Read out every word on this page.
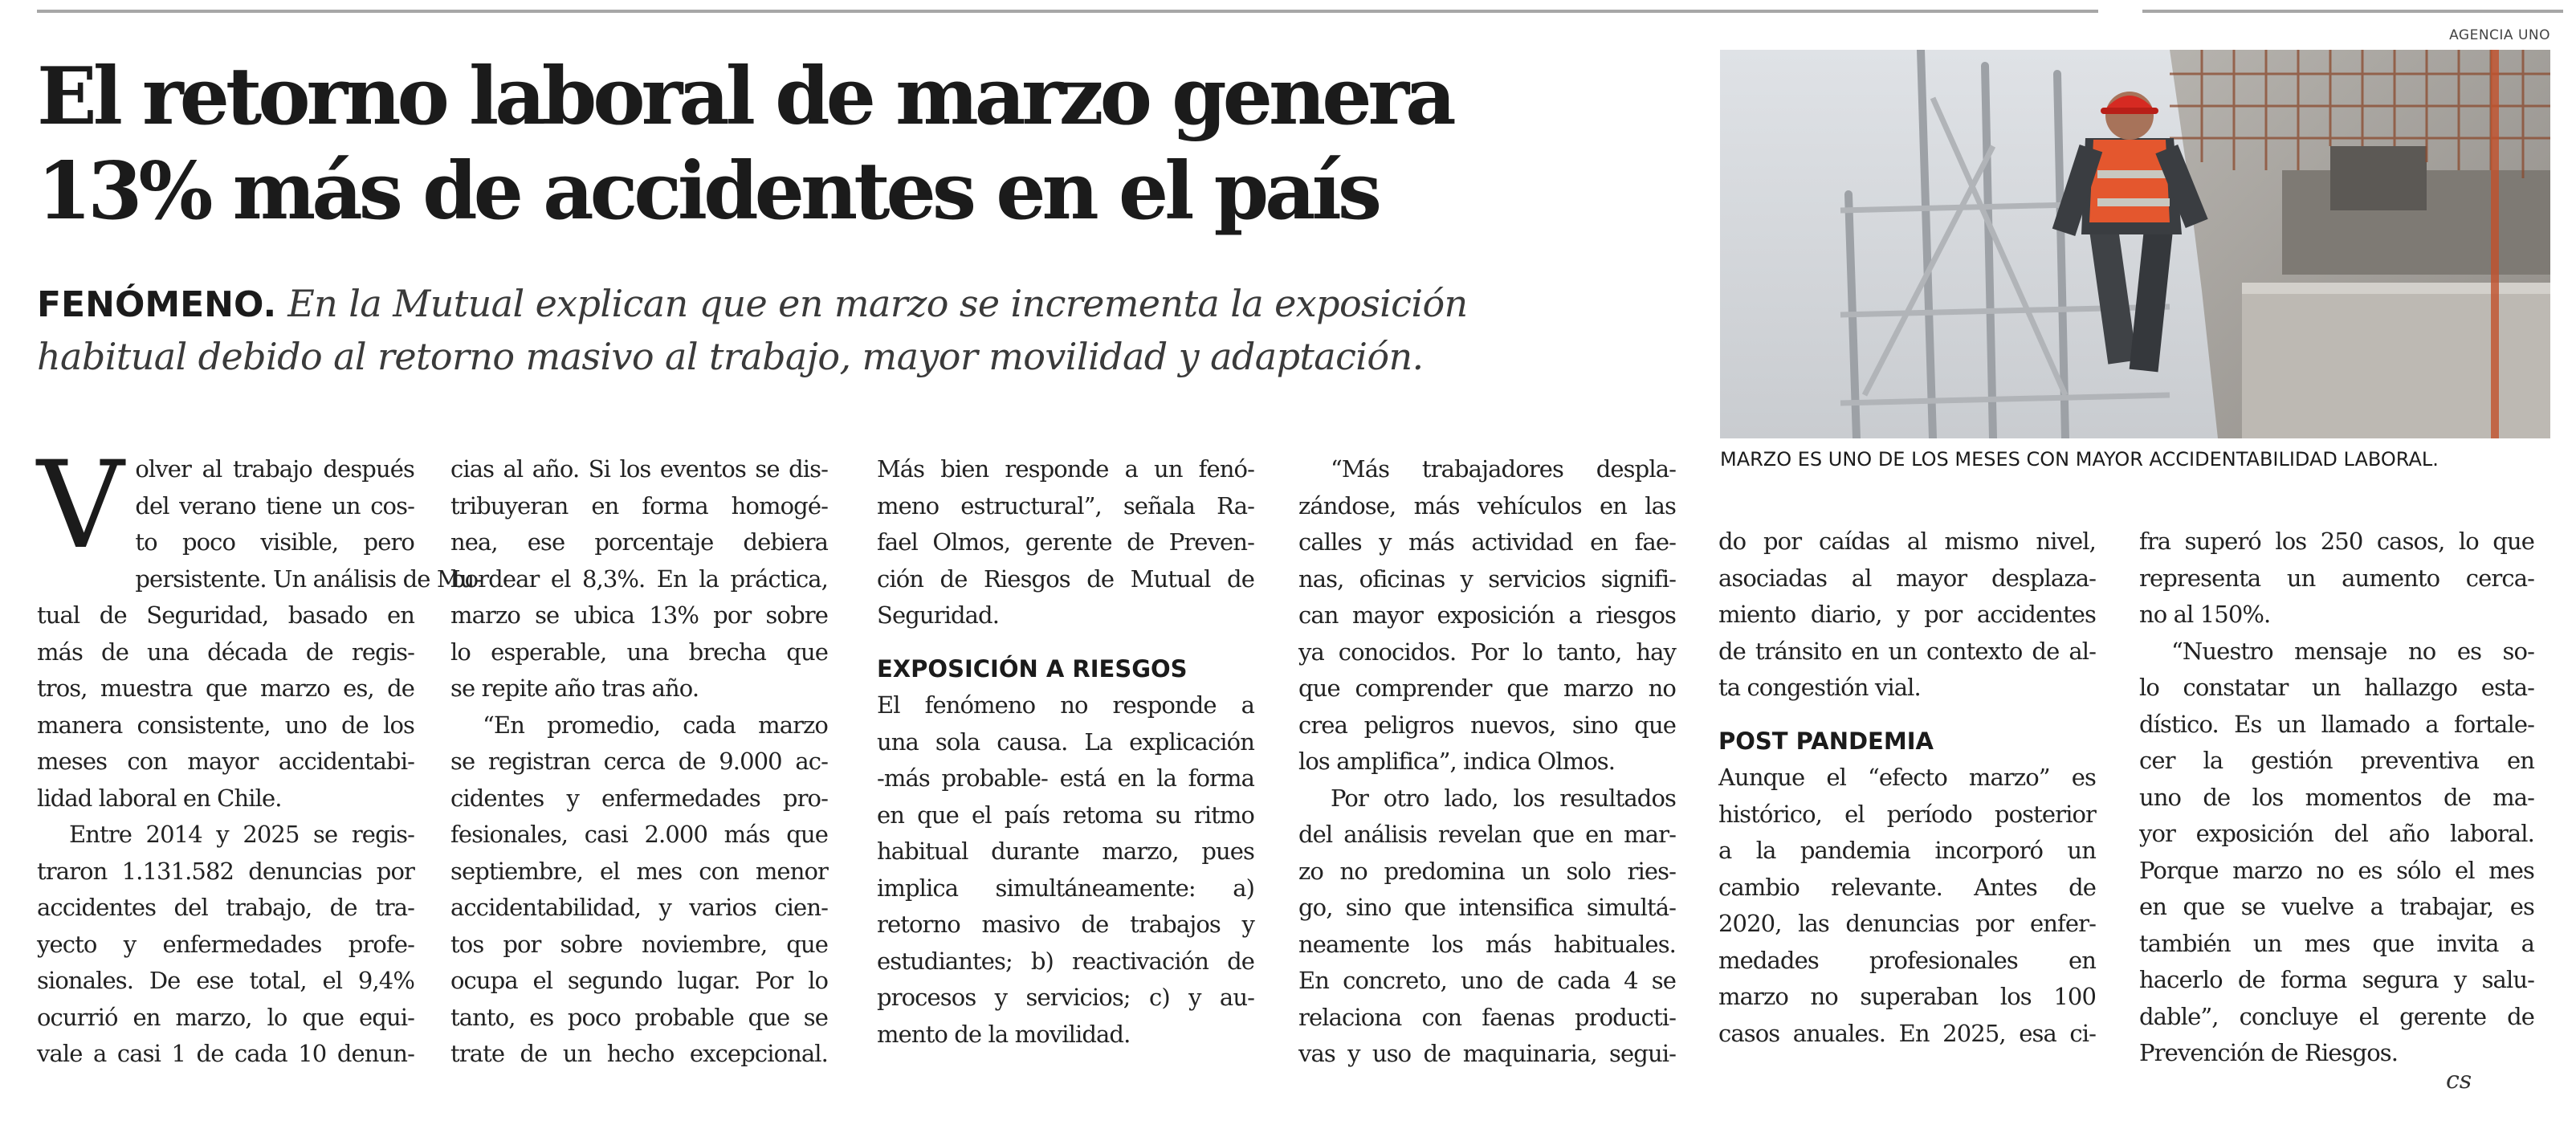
El retorno laboral de marzo genera
13% más de accidentes en el país
FENÓMENO. En la Mutual explican que en marzo se incrementa la exposición
habitual debido al retorno masivo al trabajo, mayor movilidad y adaptación.
V olver al trabajo después
del verano tiene un cos-
to poco visible, pero
persistente. Un análisis de Mu-
tual de Seguridad, basado en
más de una década de regis-
tros, muestra que marzo es, de
manera consistente, uno de los
meses con mayor accidentabi-
lidad laboral en Chile.
Entre 2014 y 2025 se regis-
traron 1.131.582 denuncias por
accidentes del trabajo, de tra-
yecto y enfermedades profe-
sionales. De ese total, el 9,4%
ocurrió en marzo, lo que equi-
vale a casi 1 de cada 10 denun-
cias al año. Si los eventos se dis-
tribuyeran en forma homogé-
nea, ese porcentaje debiera
bordear el 8,3%. En la práctica,
marzo se ubica 13% por sobre
lo esperable, una brecha que
se repite año tras año.
“En promedio, cada marzo
se registran cerca de 9.000 ac-
cidentes y enfermedades pro-
fesionales, casi 2.000 más que
septiembre, el mes con menor
accidentabilidad, y varios cien-
tos por sobre noviembre, que
ocupa el segundo lugar. Por lo
tanto, es poco probable que se
trate de un hecho excepcional.
Más bien responde a un fenó-
meno estructural”, señala Ra-
fael Olmos, gerente de Preven-
ción de Riesgos de Mutual de
Seguridad.
EXPOSICIÓN A RIESGOS
El fenómeno no responde a
una sola causa. La explicación
-más probable- está en la forma
en que el país retoma su ritmo
habitual durante marzo, pues
implica simultáneamente: a)
retorno masivo de trabajos y
estudiantes; b) reactivación de
procesos y servicios; c) y au-
mento de la movilidad.
“Más trabajadores despla-
zándose, más vehículos en las
calles y más actividad en fae-
nas, oficinas y servicios signifi-
can mayor exposición a riesgos
ya conocidos. Por lo tanto, hay
que comprender que marzo no
crea peligros nuevos, sino que
los amplifica”, indica Olmos.
Por otro lado, los resultados
del análisis revelan que en mar-
zo no predomina un solo ries-
go, sino que intensifica simultá-
neamente los más habituales.
En concreto, uno de cada 4 se
relaciona con faenas producti-
vas y uso de maquinaria, segui-
do por caídas al mismo nivel,
asociadas al mayor desplaza-
miento diario, y por accidentes
de tránsito en un contexto de al-
ta congestión vial.
POST PANDEMIA
Aunque el “efecto marzo” es
histórico, el período posterior
a la pandemia incorporó un
cambio relevante. Antes de
2020, las denuncias por enfer-
medades profesionales en
marzo no superaban los 100
casos anuales. En 2025, esa ci-
fra superó los 250 casos, lo que
representa un aumento cerca-
no al 150%.
“Nuestro mensaje no es so-
lo constatar un hallazgo esta-
dístico. Es un llamado a fortale-
cer la gestión preventiva en
uno de los momentos de ma-
yor exposición del año laboral.
Porque marzo no es sólo el mes
en que se vuelve a trabajar, es
también un mes que invita a
hacerlo de forma segura y salu-
dable”, concluye el gerente de
Prevención de Riesgos.
cs
AGENCIA UNO
MARZO ES UNO DE LOS MESES CON MAYOR ACCIDENTABILIDAD LABORAL.
